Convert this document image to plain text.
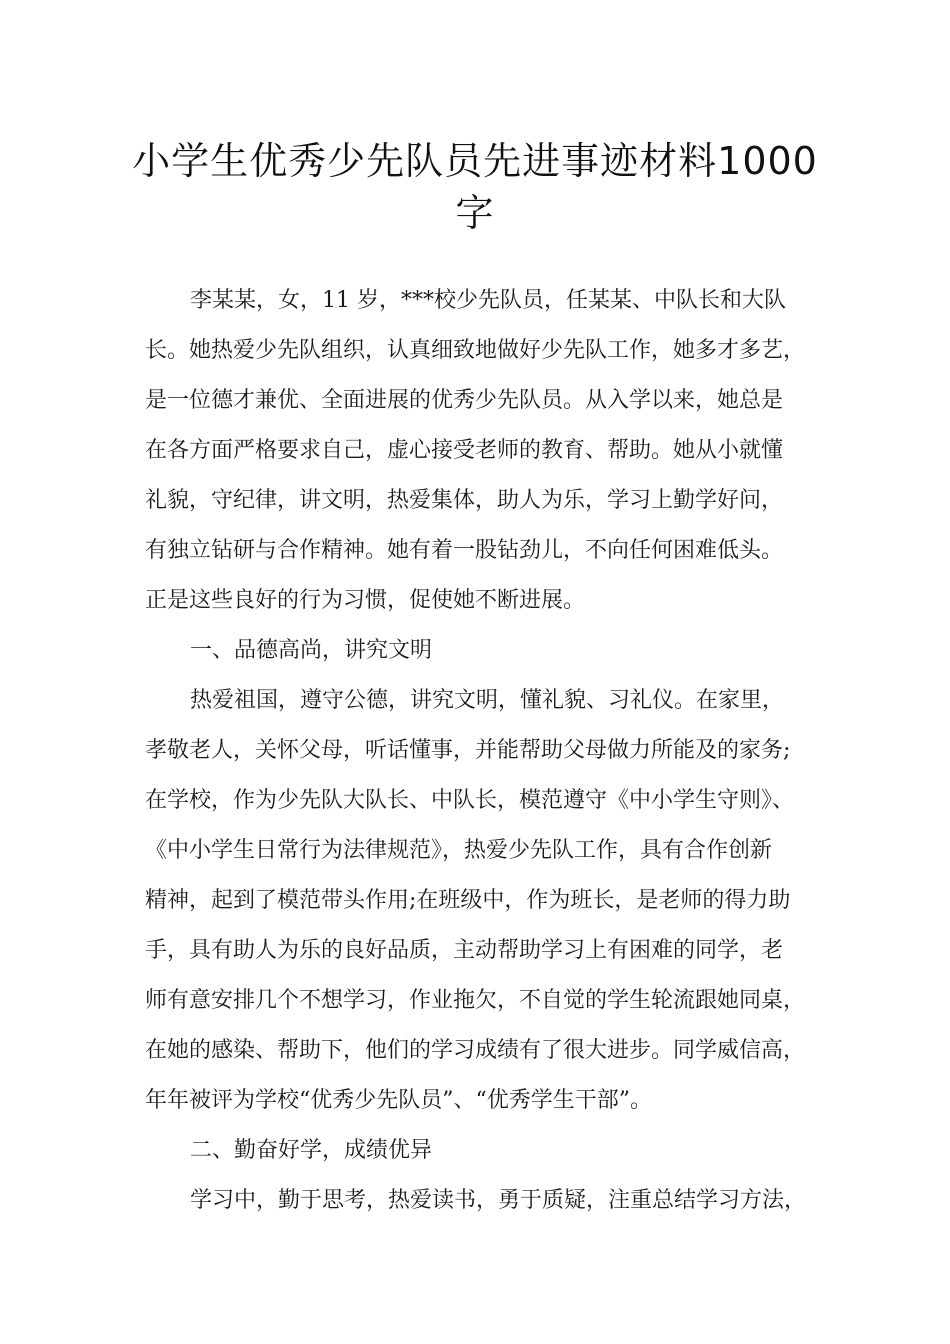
小学生优秀少先队员先进事迹材料1000
字
李某某，女，11 岁，***校少先队员，任某某、中队长和大队
长。她热爱少先队组织，认真细致地做好少先队工作，她多才多艺，
是一位德才兼优、全面进展的优秀少先队员。从入学以来，她总是
在各方面严格要求自己，虚心接受老师的教育、帮助。她从小就懂
礼貌，守纪律，讲文明，热爱集体，助人为乐，学习上勤学好问，
有独立钻研与合作精神。她有着一股钻劲儿，不向任何困难低头。
正是这些良好的行为习惯，促使她不断进展。
一、品德高尚，讲究文明
热爱祖国，遵守公德，讲究文明，懂礼貌、习礼仪。在家里，
孝敬老人，关怀父母，听话懂事，并能帮助父母做力所能及的家务;
在学校，作为少先队大队长、中队长，模范遵守《中小学生守则》、
《中小学生日常行为法律规范》，热爱少先队工作，具有合作创新
精神，起到了模范带头作用;在班级中，作为班长，是老师的得力助
手，具有助人为乐的良好品质，主动帮助学习上有困难的同学，老
师有意安排几个不想学习，作业拖欠，不自觉的学生轮流跟她同桌，
在她的感染、帮助下，他们的学习成绩有了很大进步。同学威信高，
年年被评为学校“优秀少先队员”、“优秀学生干部”。
二、勤奋好学，成绩优异
学习中，勤于思考，热爱读书，勇于质疑，注重总结学习方法，
